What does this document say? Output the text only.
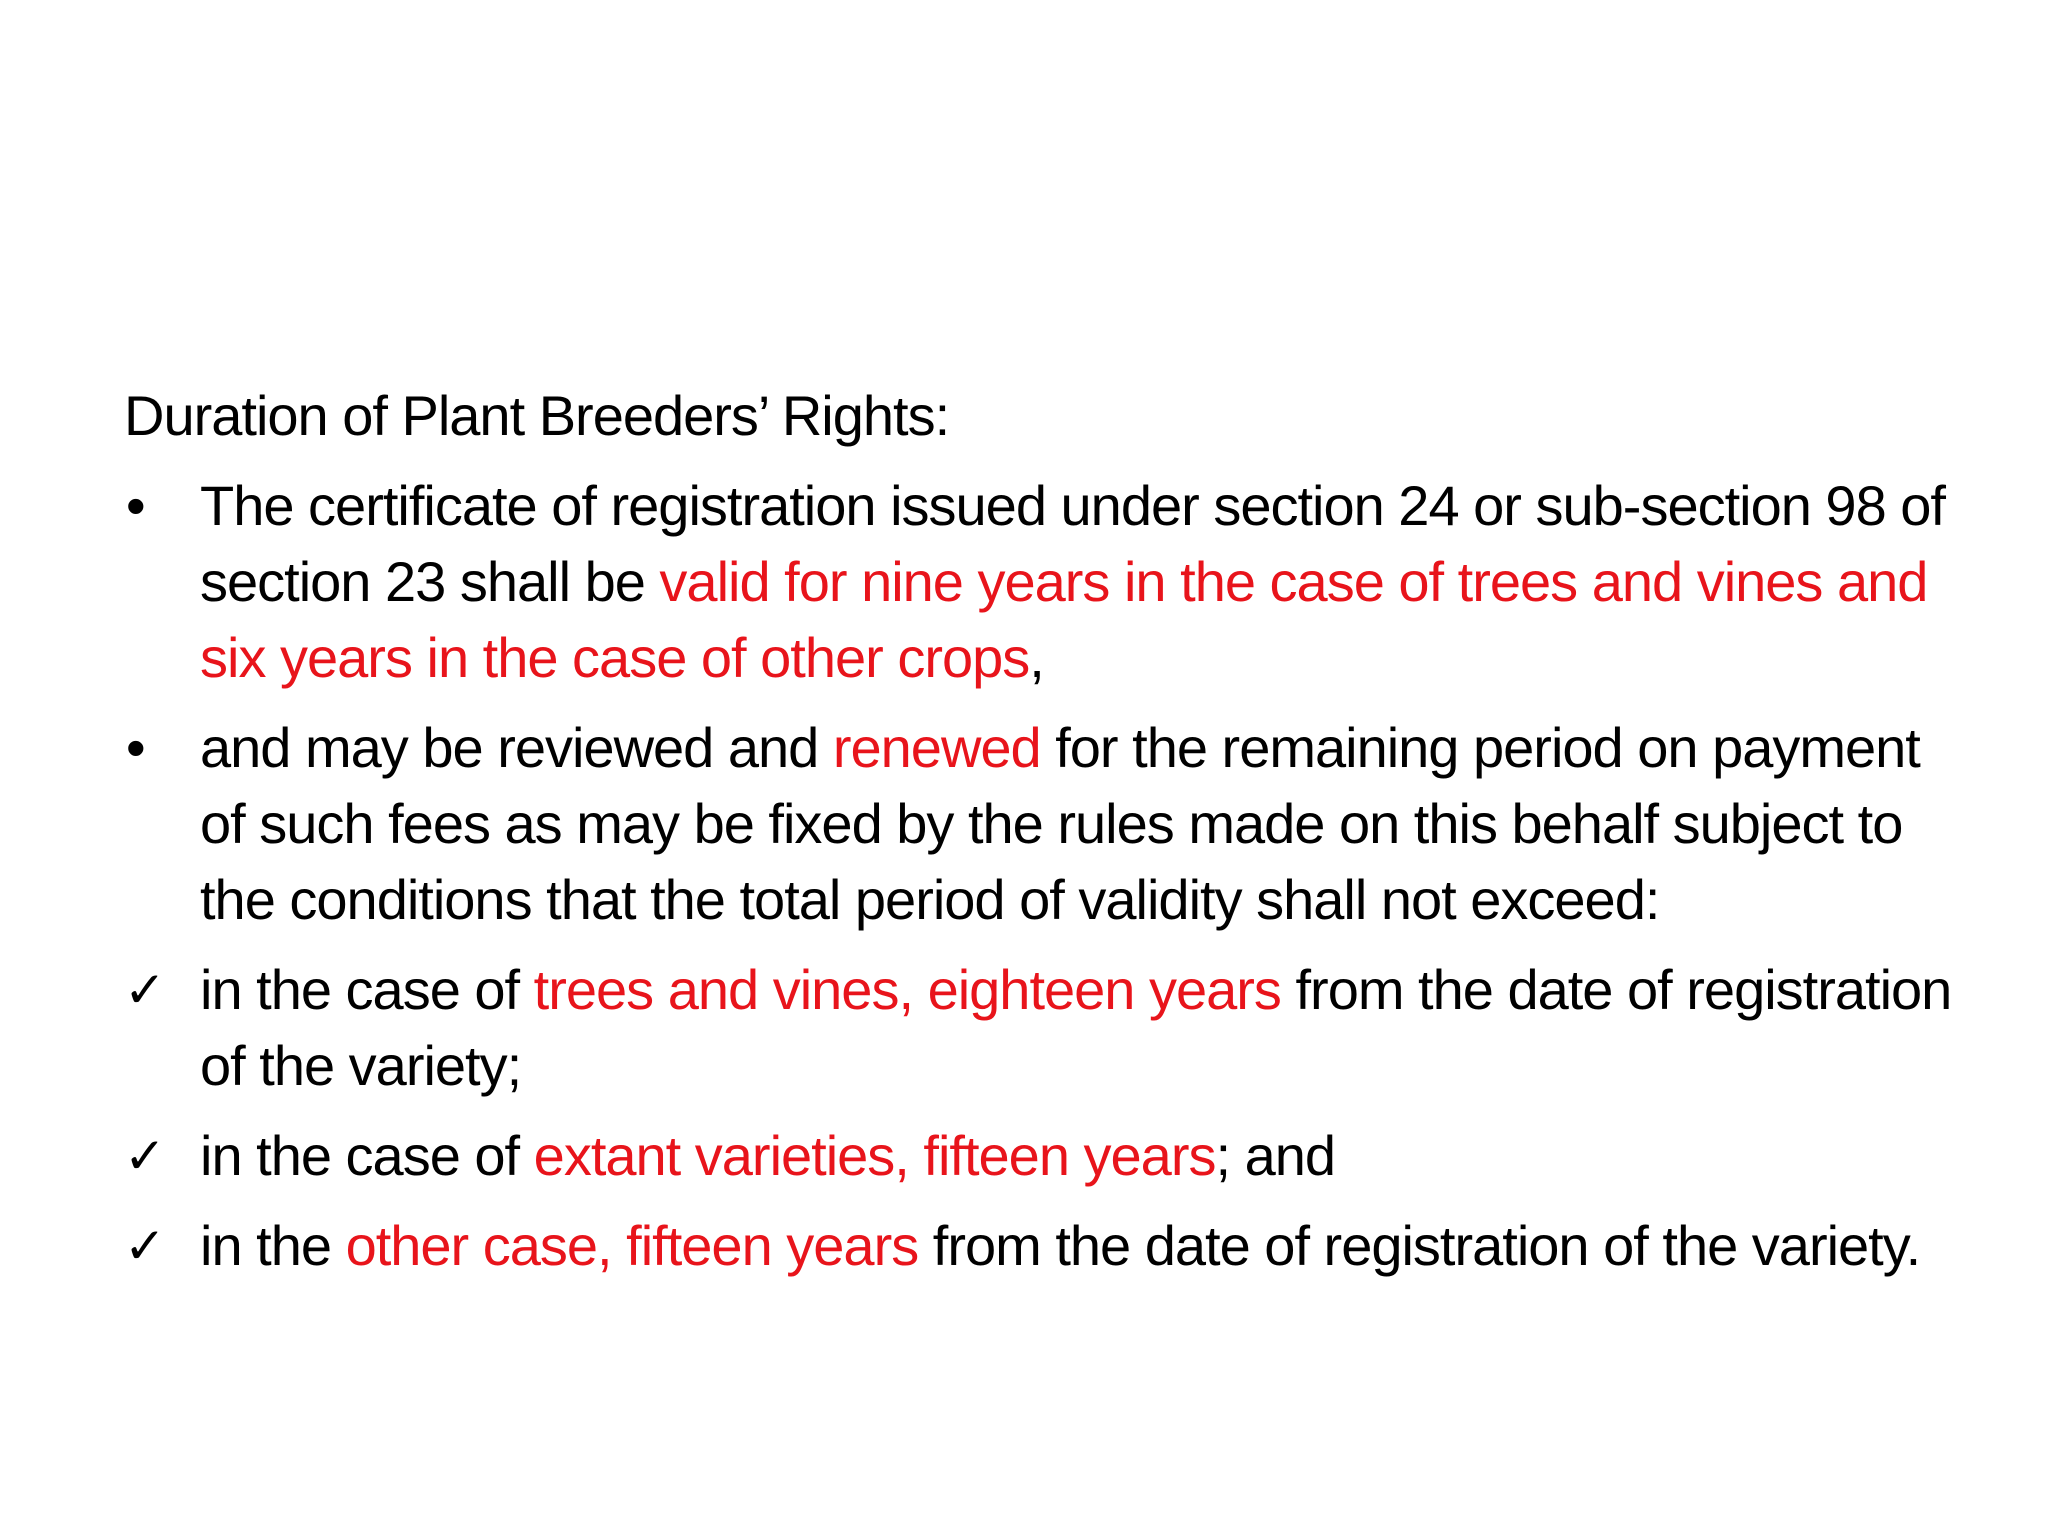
Duration of Plant Breeders’ Rights:
• The certificate of registration issued under section 24 or sub-section 98 of section 23 shall be valid for nine years in the case of trees and vines and six years in the case of other crops,
• and may be reviewed and renewed for the remaining period on payment of such fees as may be fixed by the rules made on this behalf subject to the conditions that the total period of validity shall not exceed:
✓ in the case of trees and vines, eighteen years from the date of registration of the variety;
✓ in the case of extant varieties, fifteen years; and
✓ in the other case, fifteen years from the date of registration of the variety.
